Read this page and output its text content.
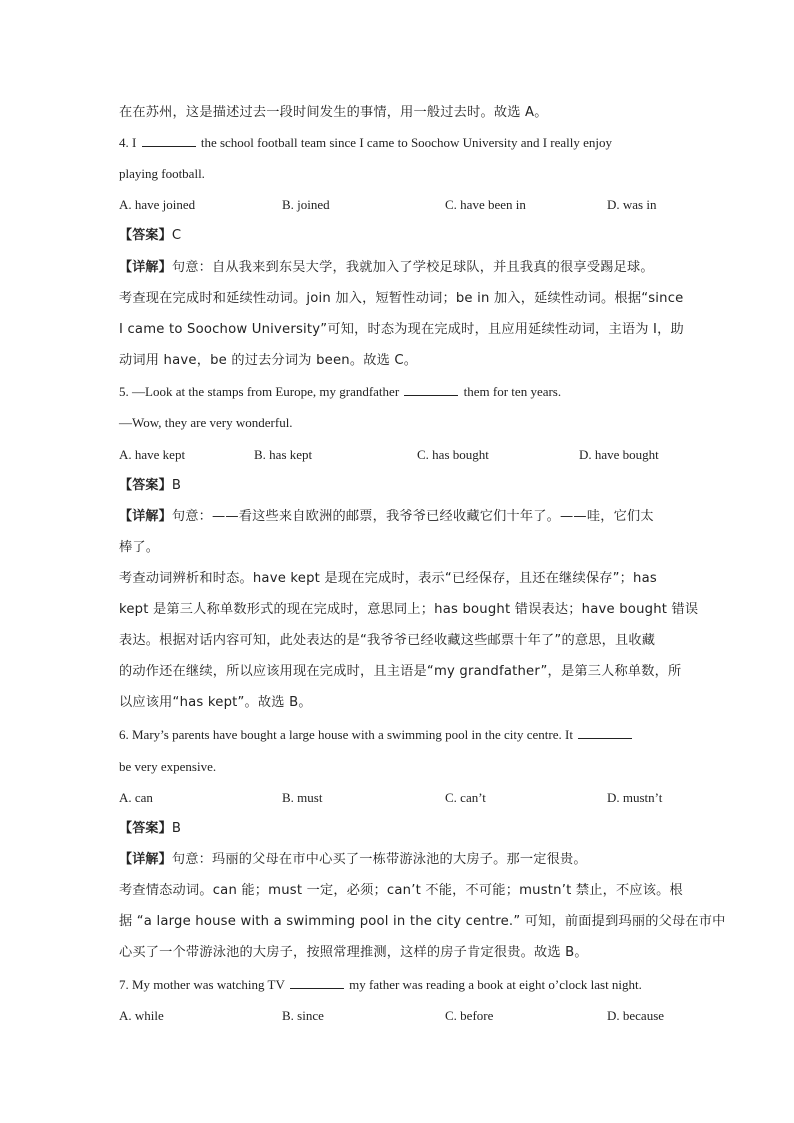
在在苏州，这是描述过去一段时间发生的事情，用一般过去时。故选 A。
4. I	the school football team since I came to Soochow University and I really enjoy
playing football.
A. have joined	B. joined	C. have been in	D. was in
【答案】C
【详解】句意：自从我来到东吴大学，我就加入了学校足球队，并且我真的很享受踢足球。
考查现在完成时和延续性动词。join 加入，短暂性动词；be in 加入，延续性动词。根据“since
I came to Soochow University”可知，时态为现在完成时，且应用延续性动词，主语为 I，助
动词用 have，be 的过去分词为 been。故选 C。
5. —Look at the stamps from Europe, my grandfather	them for ten years.
—Wow, they are very wonderful.
A. have kept	B. has kept	C. has bought	D. have bought
【答案】B
【详解】句意：——看这些来自欧洲的邮票，我爷爷已经收藏它们十年了。——哇，它们太
棒了。
考查动词辨析和时态。have kept 是现在完成时，表示“已经保存，且还在继续保存”；has
kept 是第三人称单数形式的现在完成时，意思同上；has bought 错误表达；have bought 错误
表达。根据对话内容可知，此处表达的是“我爷爷已经收藏这些邮票十年了”的意思，且收藏
的动作还在继续，所以应该用现在完成时，且主语是“my grandfather”，是第三人称单数，所
以应该用“has kept”。故选 B。
6. Mary’s parents have bought a large house with a swimming pool in the city centre. It
be very expensive.
A. can	B. must	C. can’t	D. mustn’t
【答案】B
【详解】句意：玛丽的父母在市中心买了一栋带游泳池的大房子。那一定很贵。
考查情态动词。can 能；must 一定，必须；can’t 不能，不可能；mustn’t 禁止，不应该。根
据 “a large house with a swimming pool in the city centre.” 可知，前面提到玛丽的父母在市中
心买了一个带游泳池的大房子，按照常理推测，这样的房子肯定很贵。故选 B。
7. My mother was watching TV	my father was reading a book at eight o’clock last night.
A. while	B. since	C. before	D. because
